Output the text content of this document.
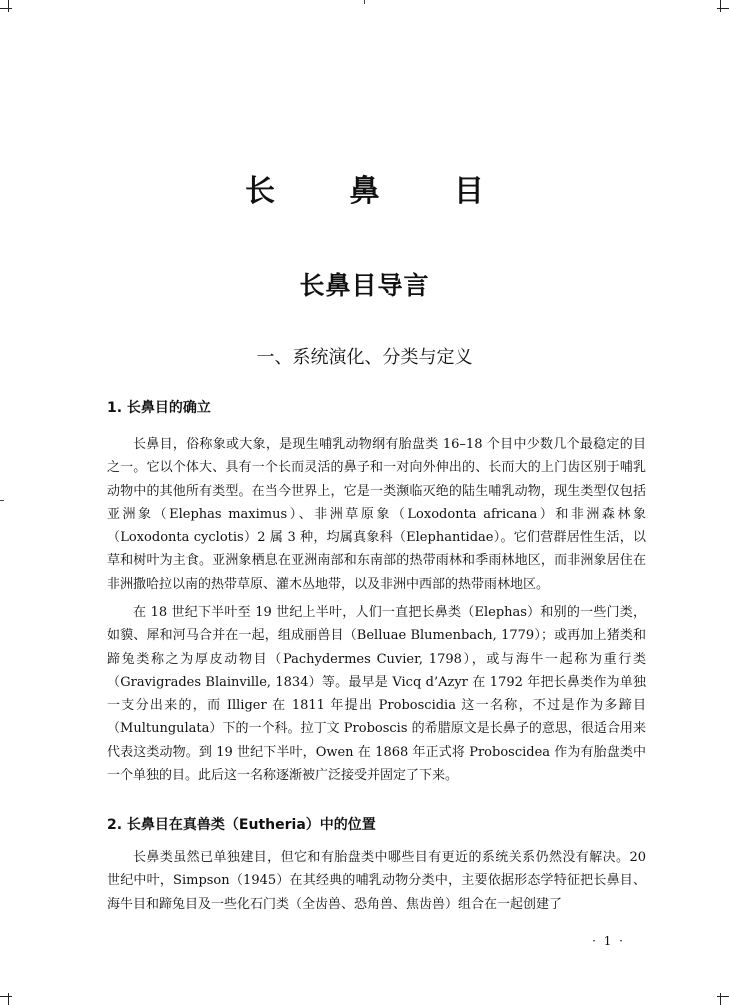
长 鼻 目
长鼻目导言
一、系统演化、分类与定义
1. 长鼻目的确立

长鼻目，俗称象或大象，是现生哺乳动物纲有胎盘类 16–18 个目中少数几个最稳定的目之一。它以个体大、具有一个长而灵活的鼻子和一对向外伸出的、长而大的上门齿区别于哺乳动物中的其他所有类型。在当今世界上，它是一类濒临灭绝的陆生哺乳动物，现生类型仅包括亚洲象（Elephas maximus）、非洲草原象（Loxodonta africana）和非洲森林象（Loxodonta cyclotis）2 属 3 种，均属真象科（Elephantidae）。它们营群居性生活，以草和树叶为主食。亚洲象栖息在亚洲南部和东南部的热带雨林和季雨林地区，而非洲象居住在非洲撒哈拉以南的热带草原、灌木丛地带，以及非洲中西部的热带雨林地区。

在 18 世纪下半叶至 19 世纪上半叶，人们一直把长鼻类（Elephas）和别的一些门类，如貘、犀和河马合并在一起，组成丽兽目（Belluae Blumenbach, 1779）；或再加上猪类和蹄兔类称之为厚皮动物目（Pachydermes Cuvier, 1798），或与海牛一起称为重行类（Gravigrades Blainville, 1834）等。最早是 Vicq d’Azyr 在 1792 年把长鼻类作为单独一支分出来的，而 Illiger 在 1811 年提出 Proboscidia 这一名称，不过是作为多蹄目（Multungulata）下的一个科。拉丁文 Proboscis 的希腊原文是长鼻子的意思，很适合用来代表这类动物。到 19 世纪下半叶，Owen 在 1868 年正式将 Proboscidea 作为有胎盘类中一个单独的目。此后这一名称逐渐被广泛接受并固定了下来。

2. 长鼻目在真兽类（Eutheria）中的位置

长鼻类虽然已单独建目，但它和有胎盘类中哪些目有更近的系统关系仍然没有解决。20 世纪中叶，Simpson（1945）在其经典的哺乳动物分类中，主要依据形态学特征把长鼻目、海牛目和蹄兔目及一些化石门类（全齿兽、恐角兽、焦齿兽）组合在一起创建了

· 1 ·
